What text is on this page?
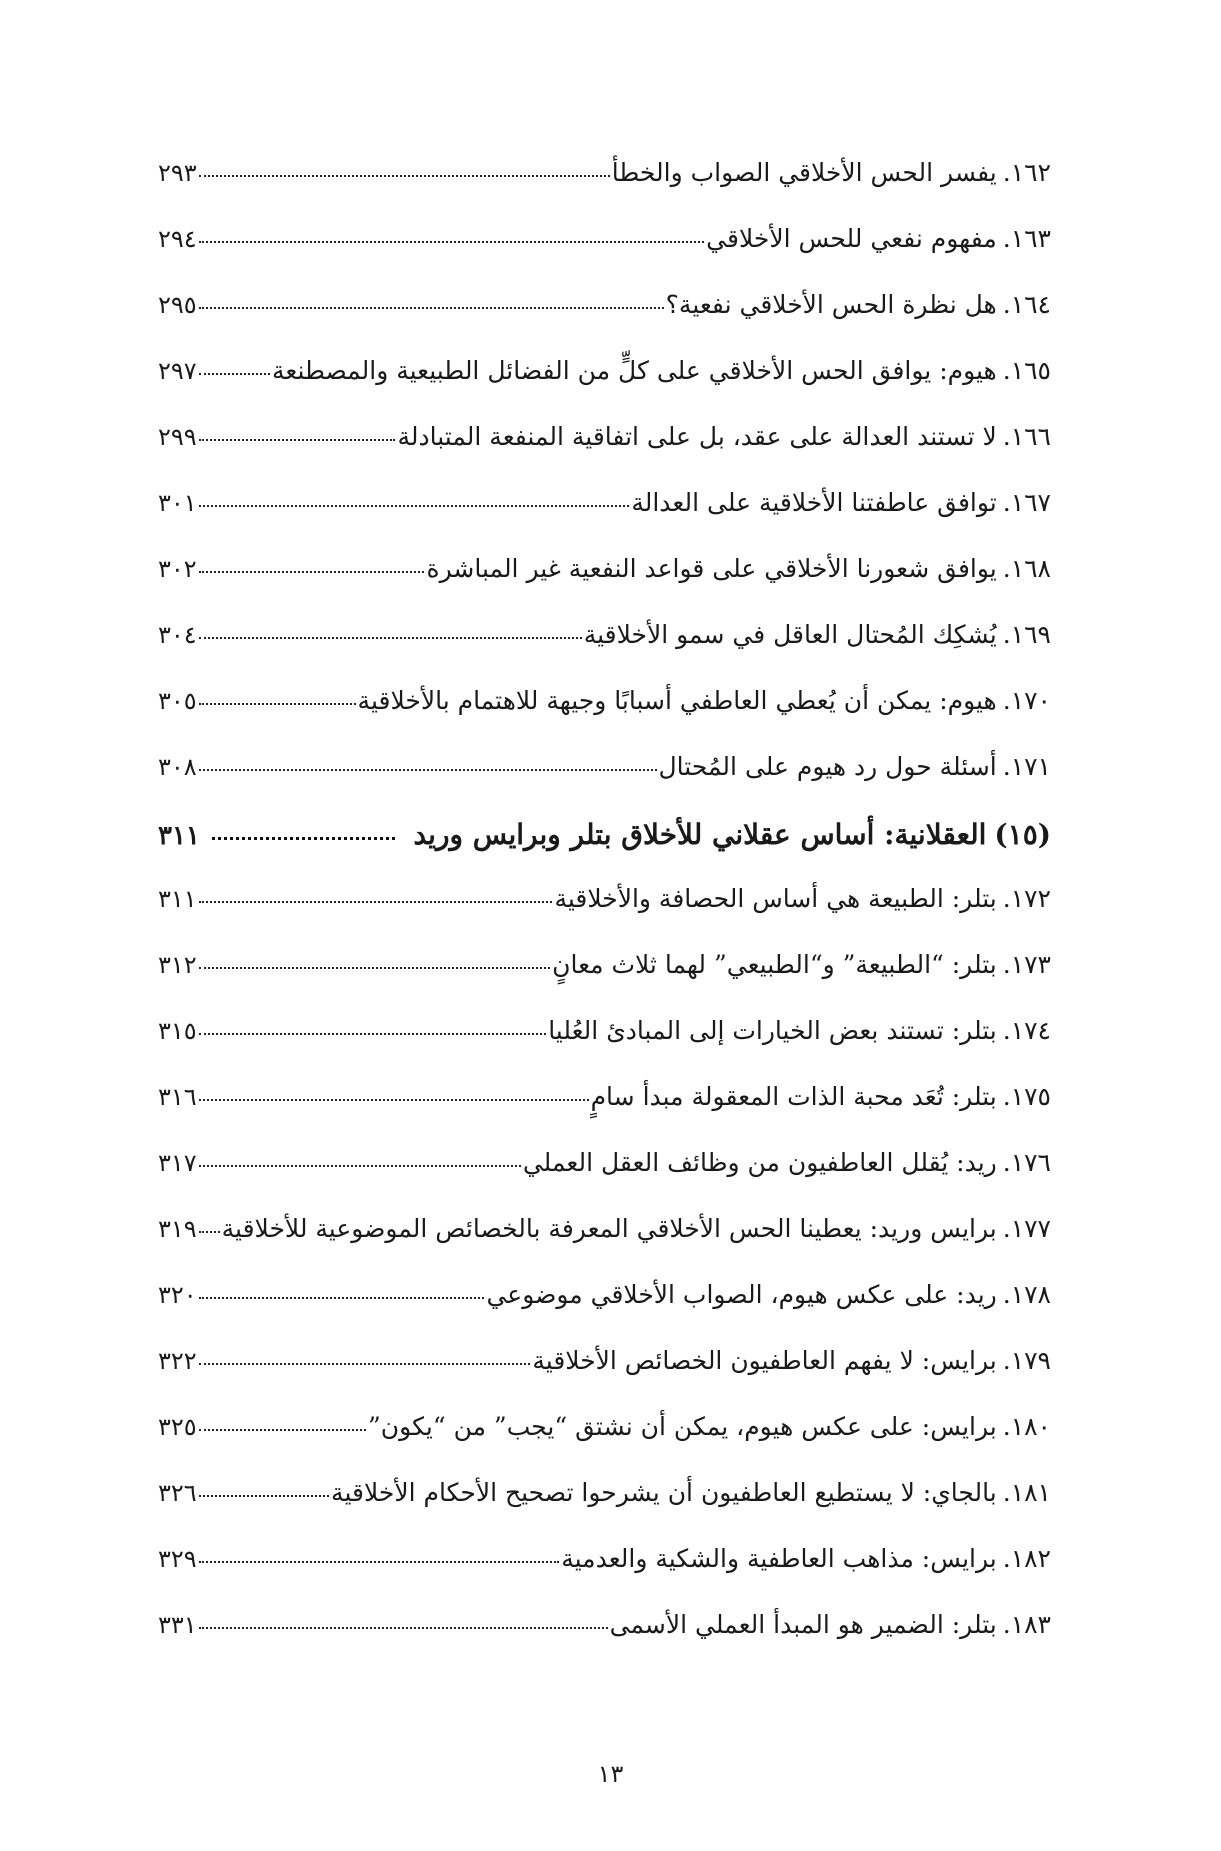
١٦٢.
يفسر الحس الأخلاقي الصواب والخطأ
٢٩٣
١٦٣.
مفهوم نفعي للحس الأخلاقي
٢٩٤
١٦٤.
هل نظرة الحس الأخلاقي نفعية؟
٢٩٥
١٦٥.
هيوم: يوافق الحس الأخلاقي على كلٍّ من الفضائل الطبيعية والمصطنعة
٢٩٧
١٦٦.
لا تستند العدالة على عقد، بل على اتفاقية المنفعة المتبادلة
٢٩٩
١٦٧.
توافق عاطفتنا الأخلاقية على العدالة
٣٠١
١٦٨.
يوافق شعورنا الأخلاقي على قواعد النفعية غير المباشرة
٣٠٢
١٦٩.
يُشكِك المُحتال العاقل في سمو الأخلاقية
٣٠٤
١٧٠.
هيوم: يمكن أن يُعطي العاطفي أسبابًا وجيهة للاهتمام بالأخلاقية
٣٠٥
١٧١.
أسئلة حول رد هيوم على المُحتال
٣٠٨
(١٥)
العقلانية: أساس عقلاني للأخلاق بتلر وبرايس وريد
٣١١
١٧٢.
بتلر: الطبيعة هي أساس الحصافة والأخلاقية
٣١١
١٧٣.
بتلر: “الطبيعة” و“الطبيعي” لهما ثلاث معانٍ
٣١٢
١٧٤.
بتلر: تستند بعض الخيارات إلى المبادئ العُليا
٣١٥
١٧٥.
بتلر: تُعَد محبة الذات المعقولة مبدأ سامٍ
٣١٦
١٧٦.
ريد: يُقلل العاطفيون من وظائف العقل العملي
٣١٧
١٧٧.
برايس وريد: يعطينا الحس الأخلاقي المعرفة بالخصائص الموضوعية للأخلاقية
٣١٩
١٧٨.
ريد: على عكس هيوم، الصواب الأخلاقي موضوعي
٣٢٠
١٧٩.
برايس: لا يفهم العاطفيون الخصائص الأخلاقية
٣٢٢
١٨٠.
برايس: على عكس هيوم، يمكن أن نشتق “يجب” من “يكون”
٣٢٥
١٨١.
بالجاي: لا يستطيع العاطفيون أن يشرحوا تصحيح الأحكام الأخلاقية
٣٢٦
١٨٢.
برايس: مذاهب العاطفية والشكية والعدمية
٣٢٩
١٨٣.
بتلر: الضمير هو المبدأ العملي الأسمى
٣٣١
١٣
